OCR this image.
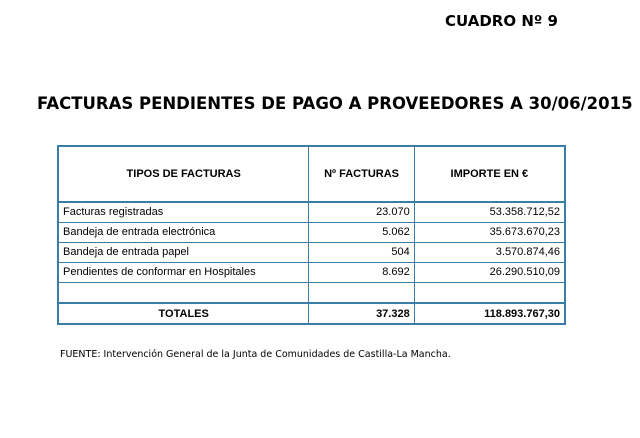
CUADRO Nº 9
FACTURAS PENDIENTES DE PAGO A PROVEEDORES A 30/06/2015
TIPOS DE FACTURAS	Nº FACTURAS	IMPORTE EN €
Facturas registradas	23.070	53.358.712,52
Bandeja de entrada electrónica	5.062	35.673.670,23
Bandeja de entrada papel	504	3.570.874,46
Pendientes de conformar en Hospitales	8.692	26.290.510,09

TOTALES	37.328	118.893.767,30
FUENTE: Intervención General de la Junta de Comunidades de Castilla-La Mancha.
